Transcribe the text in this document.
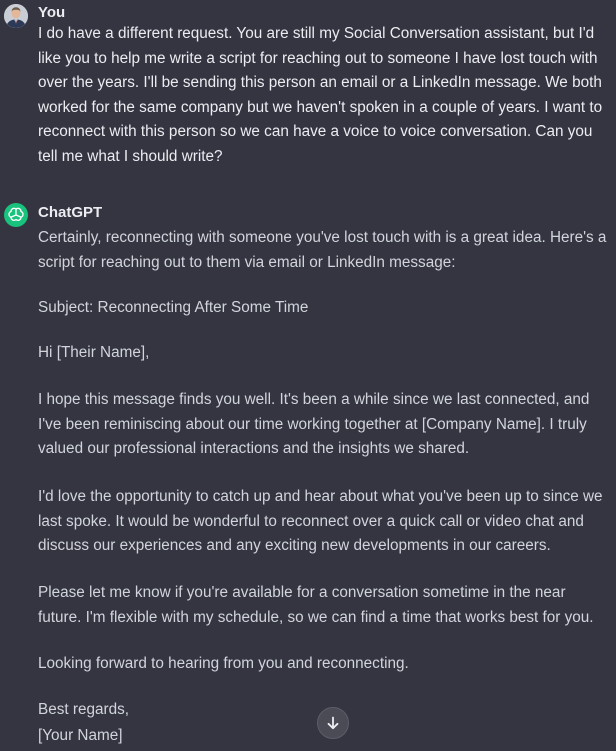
You

I do have a different request. You are still my Social Conversation assistant, but I'd like you to help me write a script for reaching out to someone I have lost touch with over the years. I'll be sending this person an email or a LinkedIn message. We both worked for the same company but we haven't spoken in a couple of years. I want to reconnect with this person so we can have a voice to voice conversation. Can you tell me what I should write?

ChatGPT

Certainly, reconnecting with someone you've lost touch with is a great idea. Here's a script for reaching out to them via email or LinkedIn message:

Subject: Reconnecting After Some Time

Hi [Their Name],

I hope this message finds you well. It's been a while since we last connected, and I've been reminiscing about our time working together at [Company Name]. I truly valued our professional interactions and the insights we shared.

I'd love the opportunity to catch up and hear about what you've been up to since we last spoke. It would be wonderful to reconnect over a quick call or video chat and discuss our experiences and any exciting new developments in our careers.

Please let me know if you're available for a conversation sometime in the near future. I'm flexible with my schedule, so we can find a time that works best for you.

Looking forward to hearing from you and reconnecting.

Best regards,

[Your Name]
